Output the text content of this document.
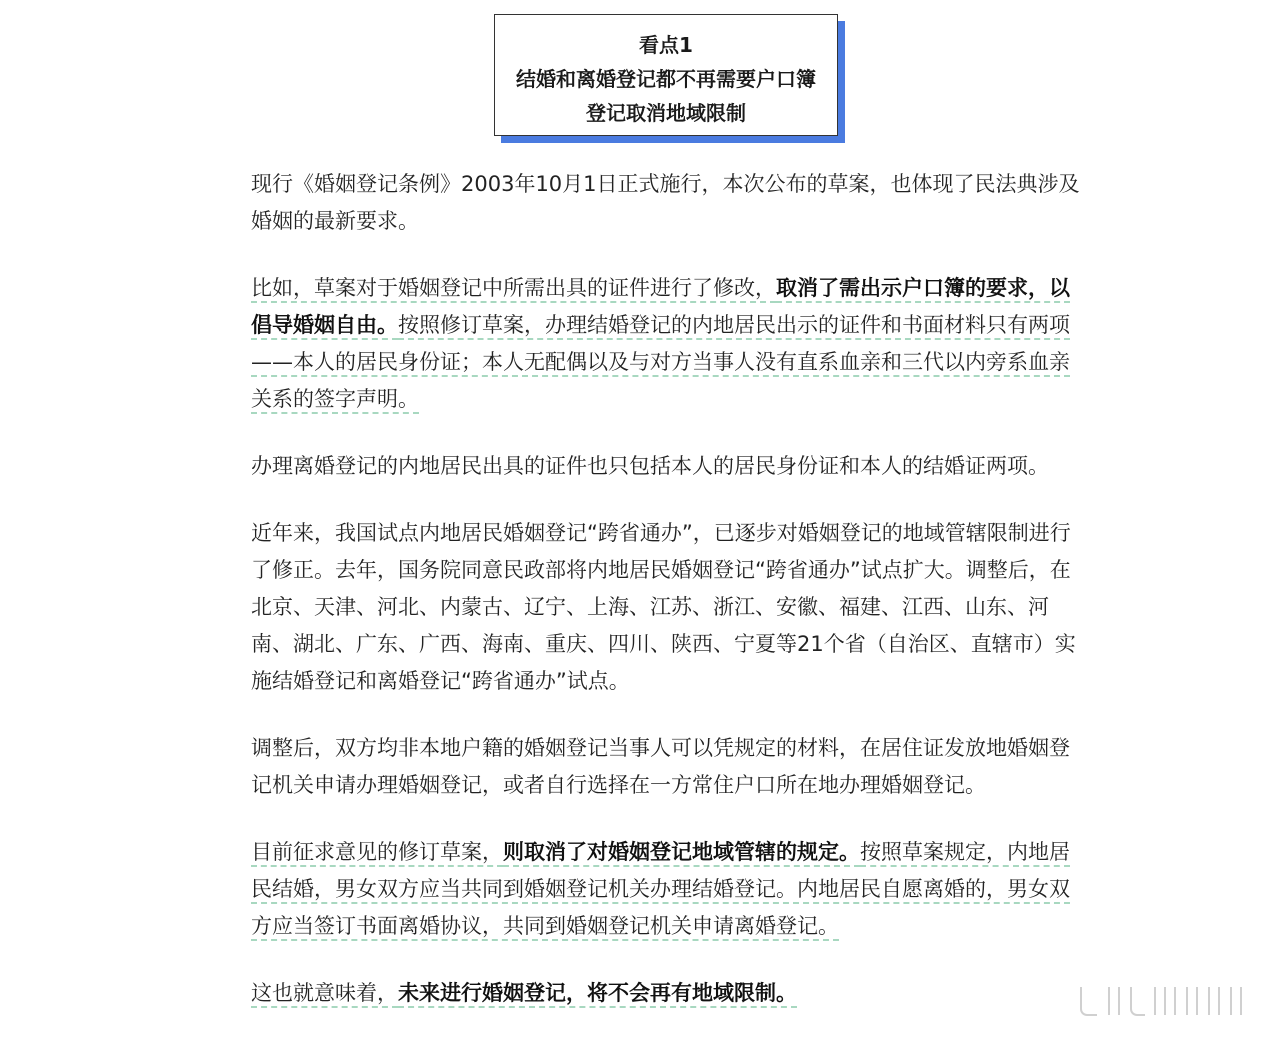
看点1
结婚和离婚登记都不再需要户口簿
登记取消地域限制

现行《婚姻登记条例》2003年10月1日正式施行，本次公布的草案，也体现了民法典涉及婚姻的最新要求。

比如，草案对于婚姻登记中所需出具的证件进行了修改，取消了需出示户口簿的要求，以倡导婚姻自由。按照修订草案，办理结婚登记的内地居民出示的证件和书面材料只有两项——本人的居民身份证；本人无配偶以及与对方当事人没有直系血亲和三代以内旁系血亲关系的签字声明。

办理离婚登记的内地居民出具的证件也只包括本人的居民身份证和本人的结婚证两项。

近年来，我国试点内地居民婚姻登记“跨省通办”，已逐步对婚姻登记的地域管辖限制进行了修正。去年，国务院同意民政部将内地居民婚姻登记“跨省通办”试点扩大。调整后，在北京、天津、河北、内蒙古、辽宁、上海、江苏、浙江、安徽、福建、江西、山东、河南、湖北、广东、广西、海南、重庆、四川、陕西、宁夏等21个省（自治区、直辖市）实施结婚登记和离婚登记“跨省通办”试点。

调整后，双方均非本地户籍的婚姻登记当事人可以凭规定的材料，在居住证发放地婚姻登记机关申请办理婚姻登记，或者自行选择在一方常住户口所在地办理婚姻登记。

目前征求意见的修订草案，则取消了对婚姻登记地域管辖的规定。按照草案规定，内地居民结婚，男女双方应当共同到婚姻登记机关办理结婚登记。内地居民自愿离婚的，男女双方应当签订书面离婚协议，共同到婚姻登记机关申请离婚登记。

这也就意味着，未来进行婚姻登记，将不会再有地域限制。
